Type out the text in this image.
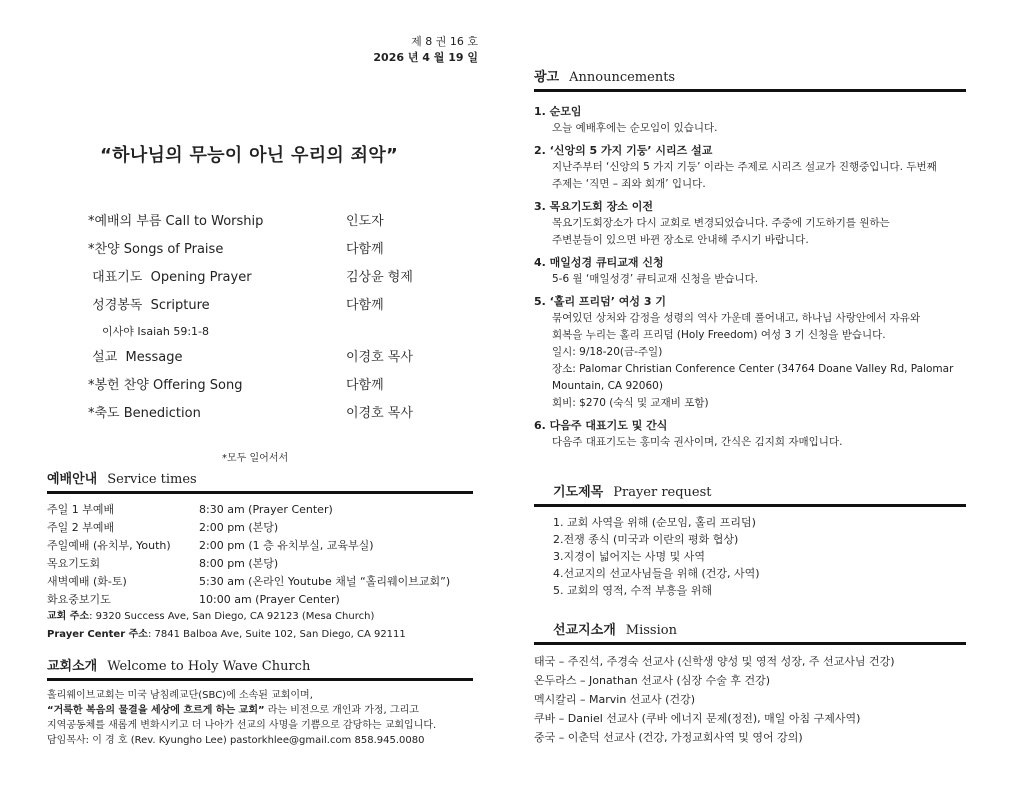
제 8 권 16 호
2026 년 4 월 19 일
“하나님의 무능이 아닌 우리의 죄악”
*예배의 부름 Call to Worship	인도자
*찬양 Songs of Praise	다함께
대표기도  Opening Prayer	김상윤 형제
성경봉독  Scripture	다함께
이사야 Isaiah 59:1-8
설교  Message	이경호 목사
*봉헌 찬양 Offering Song	다함께
*축도 Benediction	이경호 목사
*모두 일어서서
예배안내 Service times
주일 1 부예배	8:30 am (Prayer Center)
주일 2 부예배	2:00 pm (본당)
주일예배 (유치부, Youth)	2:00 pm (1 층 유치부실, 교육부실)
목요기도회	8:00 pm (본당)
새벽예배 (화-토)	5:30 am (온라인 Youtube 채널 “홀리웨이브교회”)
화요중보기도	10:00 am (Prayer Center)
교회 주소: 9320 Success Ave, San Diego, CA 92123 (Mesa Church)
Prayer Center 주소: 7841 Balboa Ave, Suite 102, San Diego, CA 92111
교회소개 Welcome to Holy Wave Church
홀리웨이브교회는 미국 남침례교단(SBC)에 소속된 교회이며,
“거룩한 복음의 물결을 세상에 흐르게 하는 교회” 라는 비전으로 개인과 가정, 그리고
지역공동체를 새롭게 변화시키고 더 나아가 선교의 사명을 기쁨으로 감당하는 교회입니다.
담임목사: 이 경 호 (Rev. Kyungho Lee) pastorkhlee@gmail.com 858.945.0080
광고 Announcements
1. 순모임

오늘 예배후에는 순모임이 있습니다.

2. ‘신앙의 5 가지 기둥’ 시리즈 설교

지난주부터 ‘신앙의 5 가지 기둥’ 이라는 주제로 시리즈 설교가 진행중입니다. 두번째

주제는 ‘직면 – 죄와 회개’ 입니다.

3. 목요기도회 장소 이전

목요기도회장소가 다시 교회로 변경되었습니다. 주중에 기도하기를 원하는

주변분들이 있으면 바뀐 장소로 안내해 주시기 바랍니다.

4. 매일성경 큐티교재 신청

5-6 월 ‘매일성경’ 큐티교재 신청을 받습니다.

5. ‘홀리 프리덤’ 여성 3 기

묶여있던 상처와 감정을 성령의 역사 가운데 풀어내고, 하나님 사랑안에서 자유와

회복을 누리는 홀리 프리덤 (Holy Freedom) 여성 3 기 신청을 받습니다.

일시: 9/18-20(금-주일)

장소: Palomar Christian Conference Center (34764 Doane Valley Rd, Palomar

Mountain, CA 92060)

회비: $270 (숙식 및 교재비 포함)

6. 다음주 대표기도 및 간식

다음주 대표기도는 홍미숙 권사이며, 간식은 김지희 자매입니다.

기도제목 Prayer request
1. 교회 사역을 위해 (순모임, 홀리 프리덤)
2.전쟁 종식 (미국과 이란의 평화 협상)
3.지경이 넓어지는 사명 및 사역
4.선교지의 선교사님들을 위해 (건강, 사역)
5. 교회의 영적, 수적 부흥을 위해
선교지소개 Mission
태국 – 주진석, 주경숙 선교사 (신학생 양성 및 영적 성장, 주 선교사님 건강)
온두라스 – Jonathan 선교사 (심장 수술 후 건강)
멕시칼리 – Marvin 선교사 (건강)
쿠바 – Daniel 선교사 (쿠바 에너지 문제(정전), 매일 아침 구제사역)
중국 – 이춘덕 선교사 (건강, 가정교회사역 및 영어 강의)
